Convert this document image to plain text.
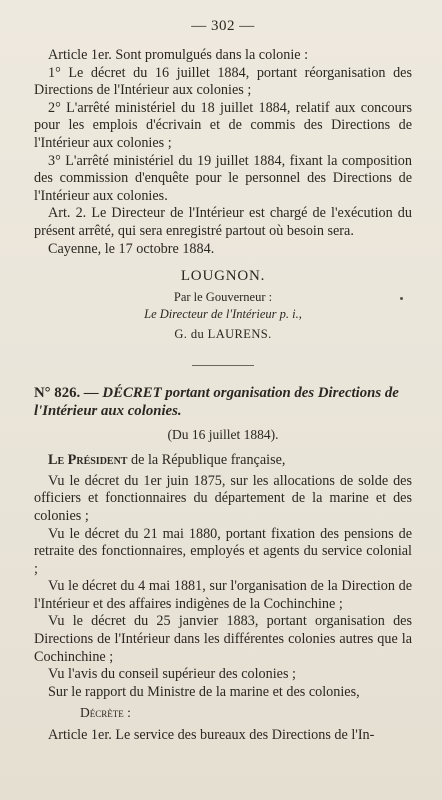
— 302 —

Article 1er. Sont promulgués dans la colonie :

1° Le décret du 16 juillet 1884, portant réorganisation des Directions de l'Intérieur aux colonies ;

2° L'arrêté ministériel du 18 juillet 1884, relatif aux concours pour les emplois d'écrivain et de commis des Directions de l'Intérieur aux colonies ;

3° L'arrêté ministériel du 19 juillet 1884, fixant la composition des commission d'enquête pour le personnel des Directions de l'Intérieur aux colonies.

Art. 2. Le Directeur de l'Intérieur est chargé de l'exécution du présent arrêté, qui sera enregistré partout où besoin sera.

Cayenne, le 17 octobre 1884.

LOUGNON.
Par le Gouverneur :
Le Directeur de l'Intérieur p. i.,
G. du LAURENS.

N° 826. — DÉCRET portant organisation des Directions de l'Intérieur aux colonies.

(Du 16 juillet 1884).

Le Président de la République française,

Vu le décret du 1er juin 1875, sur les allocations de solde des officiers et fonctionnaires du département de la marine et des colonies ;

Vu le décret du 21 mai 1880, portant fixation des pensions de retraite des fonctionnaires, employés et agents du service colonial ;

Vu le décret du 4 mai 1881, sur l'organisation de la Direction de l'Intérieur et des affaires indigènes de la Cochinchine ;

Vu le décret du 25 janvier 1883, portant organisation des Directions de l'Intérieur dans les différentes colonies autres que la Cochinchine ;

Vu l'avis du conseil supérieur des colonies ;

Sur le rapport du Ministre de la marine et des colonies,

Décrète :

Article 1er. Le service des bureaux des Directions de l'In-
